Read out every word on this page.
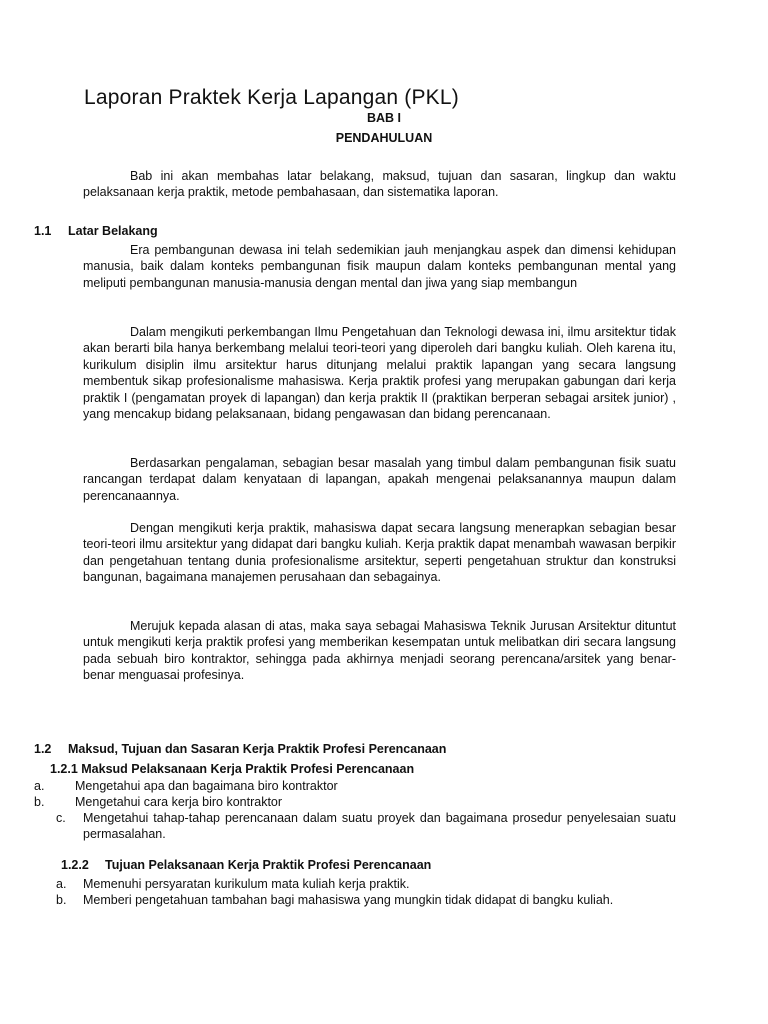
Laporan Praktek Kerja Lapangan (PKL)
BAB I
PENDAHULUAN

Bab ini akan membahas latar belakang, maksud, tujuan dan sasaran, lingkup dan waktu pelaksanaan kerja praktik, metode pembahasaan, dan sistematika laporan.

1.1 Latar Belakang

Era pembangunan dewasa ini telah sedemikian jauh menjangkau aspek dan dimensi kehidupan manusia, baik dalam konteks pembangunan fisik maupun dalam konteks pembangunan mental yang meliputi pembangunan manusia-manusia dengan mental dan jiwa yang siap membangun

Dalam mengikuti perkembangan Ilmu Pengetahuan dan Teknologi dewasa ini, ilmu arsitektur tidak akan berarti bila hanya berkembang melalui teori-teori yang diperoleh dari bangku kuliah. Oleh karena itu, kurikulum disiplin ilmu arsitektur harus ditunjang melalui praktik lapangan yang secara langsung membentuk sikap profesionalisme mahasiswa. Kerja praktik profesi yang merupakan gabungan dari kerja praktik I (pengamatan proyek di lapangan) dan kerja praktik II (praktikan berperan sebagai arsitek junior) , yang mencakup bidang pelaksanaan, bidang pengawasan dan bidang perencanaan.

Berdasarkan pengalaman, sebagian besar masalah yang timbul dalam pembangunan fisik suatu rancangan terdapat dalam kenyataan di lapangan, apakah mengenai pelaksanannya maupun dalam perencanaannya.

Dengan mengikuti kerja praktik, mahasiswa dapat secara langsung menerapkan sebagian besar teori-teori ilmu arsitektur yang didapat dari bangku kuliah. Kerja praktik dapat menambah wawasan berpikir dan pengetahuan tentang dunia profesionalisme arsitektur, seperti pengetahuan struktur dan konstruksi bangunan, bagaimana manajemen perusahaan dan sebagainya.

Merujuk kepada alasan di atas, maka saya sebagai Mahasiswa Teknik Jurusan Arsitektur dituntut untuk mengikuti kerja praktik profesi yang memberikan kesempatan untuk melibatkan diri secara langsung pada sebuah biro kontraktor, sehingga pada akhirnya menjadi seorang perencana/arsitek yang benar-benar menguasai profesinya.

1.2 Maksud, Tujuan dan Sasaran Kerja Praktik Profesi Perencanaan
1.2.1 Maksud Pelaksanaan Kerja Praktik Profesi Perencanaan
a.	Mengetahui apa dan bagaimana biro kontraktor
b.	Mengetahui cara kerja biro kontraktor
c.	Mengetahui tahap-tahap perencanaan dalam suatu proyek dan bagaimana prosedur penyelesaian suatu permasalahan.
1.2.2 Tujuan Pelaksanaan Kerja Praktik Profesi Perencanaan
a.	Memenuhi persyaratan kurikulum mata kuliah kerja praktik.
b.	Memberi pengetahuan tambahan bagi mahasiswa yang mungkin tidak didapat di bangku kuliah.
